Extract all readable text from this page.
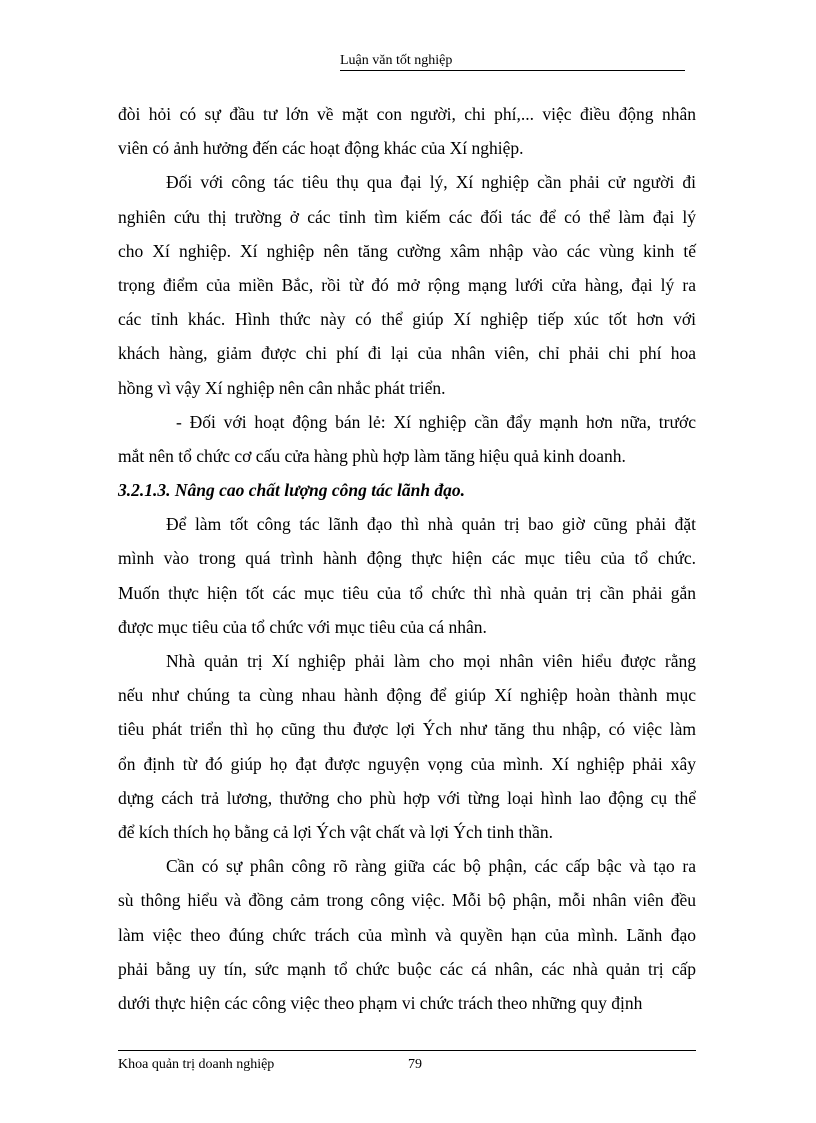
Luận văn tốt nghiệp
đòi hỏi có sự đầu tư lớn về mặt con người, chi phí,... việc điều động nhân
viên có ảnh hưởng đến các hoạt động khác của Xí nghiệp.
Đối với công tác tiêu thụ qua đại lý, Xí nghiệp cần phải cử người đi
nghiên cứu thị trường ở các tỉnh tìm kiếm các đối tác để có thể làm đại lý
cho Xí nghiệp. Xí nghiệp nên tăng cường xâm nhập vào các vùng kinh tế
trọng điểm của miền Bắc, rồi từ đó mở rộng mạng lưới cửa hàng, đại lý ra
các tỉnh khác. Hình thức này có thể giúp Xí nghiệp tiếp xúc tốt hơn với
khách hàng, giảm được chi phí đi lại của nhân viên, chỉ phải chi phí hoa
hồng vì vậy Xí nghiệp nên cân nhắc phát triển.
- Đối với hoạt động bán lẻ: Xí nghiệp cần đẩy mạnh hơn nữa, trước
mắt nên tổ chức cơ cấu cửa hàng phù hợp làm tăng hiệu quả kinh doanh.
3.2.1.3. Nâng cao chất lượng công tác lãnh đạo.
Để làm tốt công tác lãnh đạo thì nhà quản trị bao giờ cũng phải đặt
mình vào trong quá trình hành động thực hiện các mục tiêu của tổ chức.
Muốn thực hiện tốt các mục tiêu của tổ chức thì nhà quản trị cần phải gắn
được mục tiêu của tổ chức với mục tiêu của cá nhân.
Nhà quản trị Xí nghiệp phải làm cho mọi nhân viên hiểu được rằng
nếu như chúng ta cùng nhau hành động để giúp Xí nghiệp hoàn thành mục
tiêu phát triển thì họ cũng thu được lợi Ých như tăng thu nhập, có việc làm
ổn định từ đó giúp họ đạt được nguyện vọng của mình. Xí nghiệp phải xây
dựng cách trả lương, thưởng cho phù hợp với từng loại hình lao động cụ thể
để kích thích họ bằng cả lợi Ých vật chất và lợi Ých tinh thần.
Cần có sự phân công rõ ràng giữa các bộ phận, các cấp bậc và tạo ra
sù thông hiểu và đồng cảm trong công việc. Mỗi bộ phận, mỗi nhân viên đều
làm việc theo đúng chức trách của mình và quyền hạn của mình. Lãnh đạo
phải bằng uy tín, sức mạnh tổ chức buộc các cá nhân, các nhà quản trị cấp
dưới thực hiện các công việc theo phạm vi chức trách theo những quy định
Khoa quản trị doanh nghiệp	79
